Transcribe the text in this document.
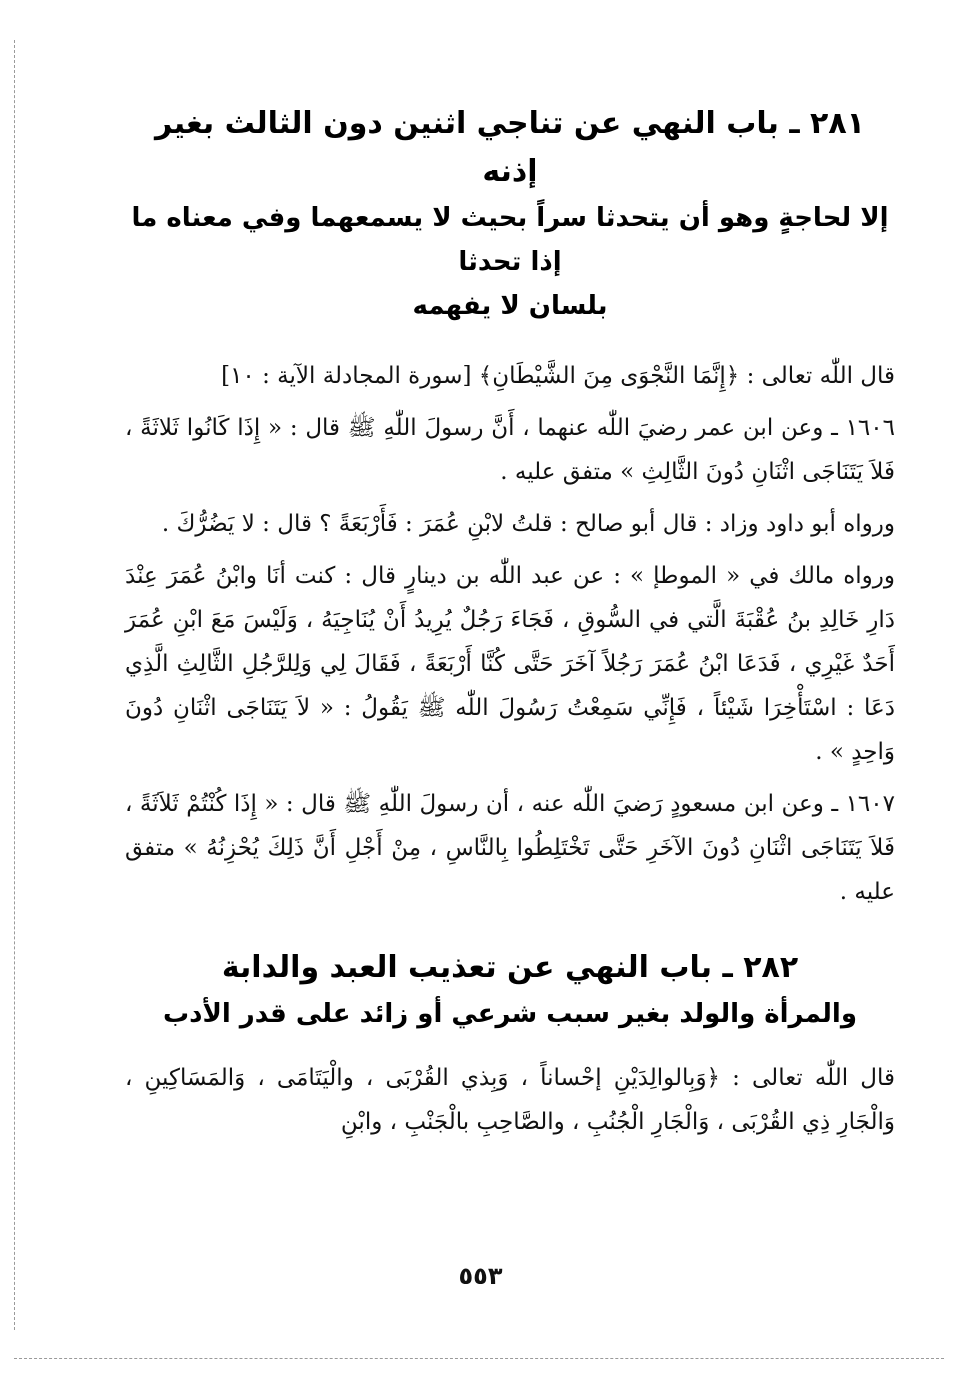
٢٨١ ـ باب النهي عن تناجي اثنين دون الثالث بغير إذنه
إلا لحاجةٍ وهو أن يتحدثا سراً بحيث لا يسمعهما وفي معناه ما إذا تحدثا
بلسان لا يفهمه

قال اللّٰه تعالى : ﴿إِنَّمَا النَّجْوَى مِنَ الشَّيْطَانِ﴾ [سورة المجادلة الآية : ١٠]

١٦٠٦ ـ وعن ابن عمر رضيَ اللّٰه عنهما ، أَنَّ رسولَ اللّٰهِ ﷺ قال : « إِذَا كَانُوا ثَلاثَةً ، فَلاَ يَتَنَاجَى اثْنَانِ دُونَ الثَّالِثِ » متفق عليه .

ورواه أبو داود وزاد : قال أبو صالح : قلتُ لابْنِ عُمَرَ : فَأَرْبَعَةً ؟ قال : لا يَضُرُّكَ .

ورواه مالك في « الموطإ » : عن عبد اللّٰه بن دينارٍ قال : كنت أنَا وابْنُ عُمَرَ عِنْدَ دَارِ خَالِدِ بنُ عُقْبَةَ الَّتي في السُّوقِ ، فَجَاءَ رَجُلٌ يُرِيدُ أَنْ يُنَاجِيَهُ ، وَلَيْسَ مَعَ ابْنِ عُمَرَ أَحَدٌ غَيْرِي ، فَدَعَا ابْنُ عُمَرَ رَجُلاً آخَرَ حَتَّى كُنَّا أَرْبَعَةً ، فَقَالَ لِي وَلِلرَّجُلِ الثَّالِثِ الَّذِي دَعَا : اسْتَأْخِرَا شَيْئاً ، فَإِنِّي سَمِعْتُ رَسُولَ اللّٰه ﷺ يَقُولُ : « لاَ يَتَنَاجَى اثْنَانِ دُونَ وَاحِدٍ » .

١٦٠٧ ـ وعن ابن مسعودٍ رَضيَ اللّٰه عنه ، أن رسولَ اللّٰهِ ﷺ قال : « إِذَا كُنْتُمْ ثَلاَثَةً ، فَلاَ يَتَنَاجَى اثْنَانِ دُونَ الآخَرِ حَتَّى تَخْتَلِطُوا بِالنَّاسِ ، مِنْ أَجْلِ أَنَّ ذَلِكَ يُحْزِنُهُ » متفق عليه .

٢٨٢ ـ باب النهي عن تعذيب العبد والدابة
والمرأة والولد بغير سبب شرعي أو زائد على قدر الأدب

قال اللّٰه تعالى : ﴿وَبِالوالِدَيْنِ إحْساناً ، وَبِذي القُرْبَى ، والْيَتَامَى ، وَالمَسَاكِينِ ، وَالْجَارِ ذِي القُرْبَى ، وَالْجَارِ الْجُنُبِ ، والصَّاحِبِ بالْجَنْبِ ، وابْنِ

٥٥٣
